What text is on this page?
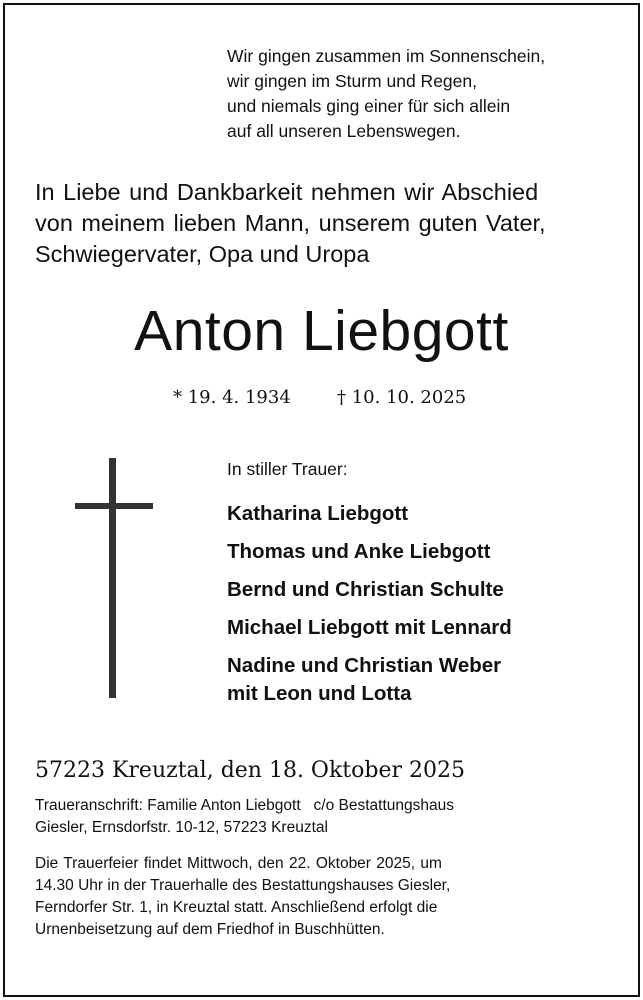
Wir gingen zusammen im Sonnenschein,
wir gingen im Sturm und Regen,
und niemals ging einer für sich allein
auf all unseren Lebenswegen.
In Liebe und Dankbarkeit nehmen wir Abschied
von meinem lieben Mann, unserem guten Vater,
Schwiegervater, Opa und Uropa
Anton Liebgott
* 19. 4. 1934	† 10. 10. 2025
In stiller Trauer:
Katharina Liebgott
Thomas und Anke Liebgott
Bernd und Christian Schulte
Michael Liebgott mit Lennard
Nadine und Christian Weber
mit Leon und Lotta
57223 Kreuztal, den 18. Oktober 2025
Traueranschrift: Familie Anton Liebgott   c/o Bestattungshaus
Giesler, Ernsdorfstr. 10-12, 57223 Kreuztal
Die Trauerfeier findet Mittwoch, den 22. Oktober 2025, um
14.30 Uhr in der Trauerhalle des Bestattungshauses Giesler,
Ferndorfer Str. 1, in Kreuztal statt. Anschließend erfolgt die
Urnenbeisetzung auf dem Friedhof in Buschhütten.
